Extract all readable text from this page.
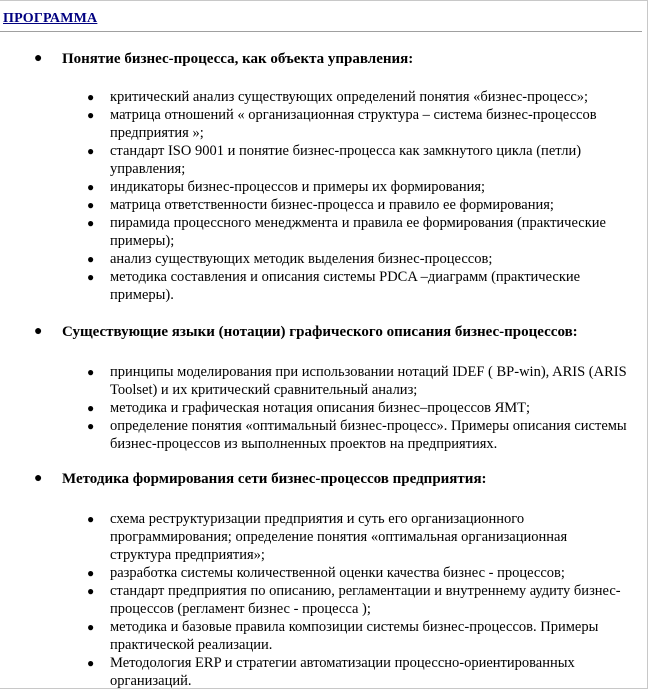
ПРОГРАММА
● Понятие бизнес-процесса, как объекта управления:
● критический анализ существующих определений понятия «бизнес-процесс»;
● матрица отношений « организационная структура – система бизнес-процессов предприятия »;
● стандарт ISO 9001 и понятие бизнес-процесса как замкнутого цикла (петли) управления;
● индикаторы бизнес-процессов и примеры их формирования;
● матрица ответственности бизнес-процесса и правило ее формирования;
● пирамида процессного менеджмента и правила ее формирования (практические примеры);
● анализ существующих методик выделения бизнес-процессов;
● методика составления и описания системы PDCA –диаграмм (практические примеры).
● Существующие языки (нотации) графического описания бизнес-процессов:
● принципы моделирования при использовании нотаций IDEF ( BP-win), ARIS (ARIS Toolset) и их критический сравнительный анализ;
● методика и графическая нотация описания бизнес–процессов ЯМТ;
● определение понятия «оптимальный бизнес-процесс». Примеры описания системы бизнес-процессов из выполненных проектов на предприятиях.
● Методика формирования сети бизнес-процессов предприятия:
● схема реструктуризации предприятия и суть его организационного программирования; определение понятия «оптимальная организационная структура предприятия»;
● разработка системы количественной оценки качества бизнес - процессов;
● стандарт предприятия по описанию, регламентации и внутреннему аудиту бизнес-процессов (регламент бизнес - процесса );
● методика и базовые правила композиции системы бизнес-процессов. Примеры практической реализации.
● Методология ERP и стратегии автоматизации процессно-ориентированных организаций.
